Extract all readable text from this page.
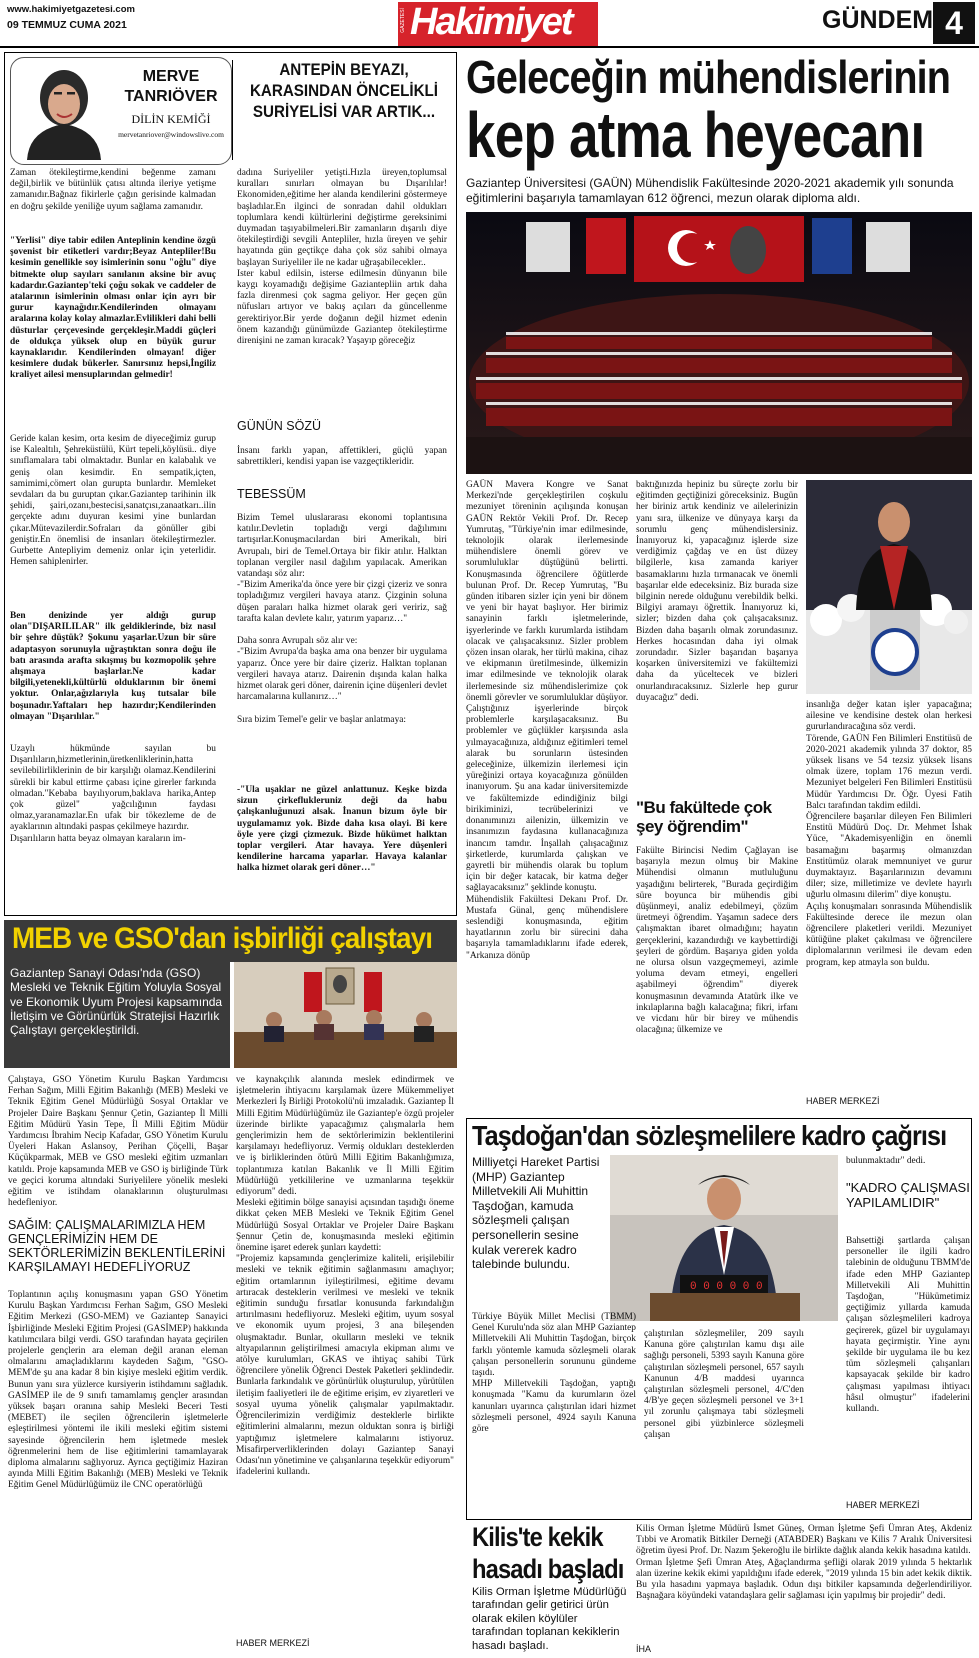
www.hakimiyetgazetesi.com
09 TEMMUZ CUMA 2021	GAZETESİ Hakimiyet	GÜNDEM 4
MERVE
TANRIÖVER
DİLİN KEMİĞİ
mervetanriover@windowslive.com
ANTEPİN BEYAZI, KARASINDAN ÖNCELİKLİ SURİYELİSİ VAR ARTIK...
Zaman ötekileştirme,kendini beğenme zamanı değil,birlik ve bütünlük çatısı altında ileriye yetişme zamanıdır.Bağnaz fikirlerle çağın gerisinde kalmadan en doğru şekilde yeniliğe uyum sağlama zamanıdır.
"Yerlisi" diye tabir edilen Anteplinin kendine özgü şovenist bir etiketleri vardır;Beyaz Antepliler!Bu kesimin genellikle soy isimlerinin sonu "oğlu" diye bitmekte olup sayıları sanılanın aksine bir avuç kadardır.Gaziantep'teki çoğu sokak ve caddeler de atalarının isimlerinin olması onlar için ayrı bir gurur kaynağıdır.Kendilerinden olmayanı aralarına kolay kolay almazlar.Evlilikleri dahi belli düsturlar çerçevesinde gerçekleşir.Maddi güçleri de oldukça yüksek olup en büyük gurur kaynaklarıdır. Kendilerinden olmayan! diğer kesimlere dudak bükerler. Sanırsınız hepsi,İngiliz kraliyet ailesi mensuplarından gelmedir!
Geride kalan kesim, orta kesim de diyeceğimiz gurup ise Kalealtılı, Şehreküstülü, Kürt tepeli,köylüsü.. diye sınıflamalara tabi olmaktadır. Bunlar en kalabalık ve geniş olan kesimdir. En sempatik,içten, samimimi,cömert olan gurupta bunlardır. Memleket sevdaları da bu guruptan çıkar.Gaziantep tarihinin ilk şehidi, şairi,ozanı,bestecisi,sanatçısı,zanaatkarı..ilin gerçekte adını duyuran kesimi yine bunlardan çıkar.Mütevazilerdir.Sofraları da gönüller gibi geniştir.En önemlisi de insanları ötekileştirmezler. Gurbette Antepliyim demeniz onlar için yeterlidir. Hemen sahiplenirler.
Ben denizinde yer aldığı gurup olan"DIŞARILILAR" ilk geldiklerinde, biz nasıl bir şehre düştük? Şokunu yaşarlar.Uzun bir süre adaptasyon sorunuyla uğraştıktan sonra doğu ile batı arasında arafta sıkışmış bu kozmopolik şehre alışmaya başlarlar.Ne kadar bilgili,yetenekli,kültürlü olduklarının bir önemi yoktur. Onlar,ağızlarıyla kuş tutsalar bile boşunadır.Yaftaları hep hazırdır;Kendilerinden olmayan "Dışarılılar."
Uzaylı hükmünde sayılan bu Dışarılıların,hizmetlerinin,üretkenliklerinin,hatta sevilebilirliklerinin de bir karşılığı olamaz.Kendilerini sürekli bir kabul ettirme çabası içine girerler farkında olmadan."Kebaba bayılıyorum,baklava harika,Antep çok güzel" yağcılığının faydası olmaz,yaranamazlar.En ufak bir tökezleme de de ayaklarının altındaki paspas çekilmeye hazırdır.
Dışarılıların hatta beyaz olmayan karaların im-
dadına Suriyeliler yetişti.Hızla üreyen,toplumsal kuralları sınırları olmayan bu Dışarılılar! Ekonomiden,eğitime her alanda kendilerini göstermeye başladılar.En ilginci de sonradan dahil oldukları toplumlara kendi kültürlerini değiştirme gereksinimi duymadan taşıyabilmeleri.Bir zamanların dışarılı diye ötekileştirdiği sevgili Antepliler, hızla üreyen ve şehir hayatında gün geçtikçe daha çok söz sahibi olmaya başlayan Suriyeliler ile ne kadar uğraşabilecekler..
Ister kabul edilsin, isterse edilmesin dünyanın bile kaygı koyamadığı değişime Gaziantepliin artık daha fazla direnmesi çok sagma geliyor. Her geçen gün nüfusları artıyor ve bakış açıları da güncellenme gerektiriyor.Bir yerde doğanın değil hizmet edenin önem kazandığı günümüzde Gaziantep ötekileştirme direnişini ne zaman kıracak? Yaşayıp göreceğiz
GÜNÜN SÖZÜ
İnsanı farklı yapan, affettikleri, güçlü yapan sabrettikleri, kendisi yapan ise vazgeçtikleridir.
TEBESSÜM
Bizim Temel uluslararası ekonomi toplantısına katılır.Devletin topladığı vergi dağılımını tartışırlar.Konuşmacılardan biri Amerikalı, biri Avrupalı, biri de Temel.Ortaya bir fikir atılır. Halktan toplanan vergiler nasıl dağılım yapılacak. Amerikan vatandaşı söz alır:
-"Bizim Amerika'da önce yere bir çizgi çizeriz ve sonra topladığımız vergileri havaya atarız. Çizginin soluna düşen paraları halka hizmet olarak geri veririz, sağ tarafta kalan devlete kalır, yatırım yaparız…"

Daha sonra Avrupalı söz alır ve:
-"Bizim Avrupa'da başka ama ona benzer bir uygulama yaparız. Önce yere bir daire çizeriz. Halktan toplanan vergileri havaya atarız. Dairenin dışında kalan halka hizmet olarak geri döner, dairenin içine düşenleri devlet harcamalarına kullanırız…"

Sıra bizim Temel'e gelir ve başlar anlatmaya:
-"Ula uşaklar ne güzel anlattunuz. Keşke bizda sizun çirkeflukleruniz deği da habu çalışkanluğunuzi alsak. İnanun bizum öyle bir uygulamamız yok. Bizde daha kısa olayi. Bi kere öyle yere çizgi çizmezuk. Bizde hükümet halktan toplar vergileri. Atar havaya. Yere düşenleri kendilerine harcama yaparlar. Havaya kalanlar halka hizmet olarak geri döner…"
Geleceğin mühendislerinin
kep atma heyecanı
Gaziantep Üniversitesi (GAÜN) Mühendislik Fakültesinde 2020-2021 akademik yılı sonunda eğitimlerini başarıyla tamamlayan 612 öğrenci, mezun olarak diploma aldı.
GAÜN Mavera Kongre ve Sanat Merkezi'nde gerçekleştirilen coşkulu mezuniyet töreninin açılışında konuşan GAÜN Rektör Vekili Prof. Dr. Recep Yumrutaş, "Türkiye'nin imar edilmesinde, teknolojik olarak ilerlemesinde mühendislere önemli görev ve sorumluluklar düştüğünü belirtti. Konuşmasında öğrencilere öğütlerde bulunan Prof. Dr. Recep Yumrutaş, "Bu günden itibaren sizler için yeni bir dönem ve yeni bir hayat başlıyor. Her birimiz sanayinin farklı işletmelerinde, işyerlerinde ve farklı kurumlarda istihdam olacak ve çalışacaksınız. Sizler problem çözen insan olarak, her türlü makina, cihaz ve ekipmanın üretilmesinde, ülkemizin imar edilmesinde ve teknolojik olarak ilerlemesinde siz mühendislerimize çok önemli görevler ve sorumluluklar düşüyor. Çalıştığınız işyerlerinde birçok problemlerle karşılaşacaksınız. Bu problemler ve güçlükler karşısında asla yılmayacağınıza, aldığınız eğitimleri temel alarak bu sorunların üstesinden geleceğinize, ülkemizin ilerlemesi için yüreğinizi ortaya koyacağınıza gönülden inanıyorum. Şu ana kadar üniversitemizde ve fakültemizde edindiğiniz bilgi birikiminizi, tecrübelerinizi ve donanımınızı ailenizin, ülkemizin ve insanımızın faydasına kullanacağınıza inancım tamdır. İnşallah çalışacağınız şirketlerde, kurumlarda çalışkan ve gayretli bir mühendis olarak bu toplum için bir değer katacak, bir katma değer sağlayacaksınız" şeklinde konuştu.
Mühendislik Fakültesi Dekanı Prof. Dr. Mustafa Günal, genç mühendislere seslendiği konuşmasında, eğitim hayatlarının zorlu bir sürecini daha başarıyla tamamladıklarını ifade ederek, "Arkanıza dönüp
baktığınızda hepiniz bu süreçte zorlu bir eğitimden geçtiğinizi göreceksiniz. Bugün her biriniz artık kendiniz ve ailelerinizin yanı sıra, ülkenize ve dünyaya karşı da sorumlu genç mühendislersiniz. İnanıyoruz ki, yapacağınız işlerde size verdiğimiz çağdaş ve en üst düzey bilgilerle, kısa zamanda kariyer basamaklarını hızla tırmanacak ve önemli başarılar elde edeceksiniz. Biz burada size bilginin nerede olduğunu verebildik belki. Bilgiyi aramayı öğrettik. İnanıyoruz ki, sizler; bizden daha çok çalışacaksınız. Bizden daha başarılı olmak zorundasınız. Herkes hocasından daha iyi olmak zorundadır. Sizler başarıdan başarıya koşarken üniversitemizi ve fakültemizi daha da yüceltecek ve bizleri onurlandıracaksınız. Sizlerle hep gurur duyacağız" dedi.
"Bu fakültede çok şey öğrendim"
Fakülte Birincisi Nedim Çağlayan ise başarıyla mezun olmuş bir Makine Mühendisi olmanın mutluluğunu yaşadığını belirterek, "Burada geçirdiğim süre boyunca bir mühendis gibi düşünmeyi, analiz edebilmeyi, çözüm üretmeyi öğrendim. Yaşamın sadece ders çalışmaktan ibaret olmadığını; hayatın gerçeklerini, kazandırdığı ve kaybettirdiği şeyleri de gördüm. Başarıya giden yolda ne olursa olsun vazgeçmemeyi, azimle yoluma devam etmeyi, engelleri aşabilmeyi öğrendim" diyerek konuşmasının devamında Atatürk ilke ve inkılaplarına bağlı kalacağına; fikri, irfanı ve vicdanı hür bir birey ve mühendis olacağına; ülkemize ve
insanlığa değer katan işler yapacağına; ailesine ve kendisine destek olan herkesi gururlandıracağına söz verdi.
Törende, GAÜN Fen Bilimleri Enstitüsü de 2020-2021 akademik yılında 37 doktor, 85 yüksek lisans ve 54 tezsiz yüksek lisans olmak üzere, toplam 176 mezun verdi. Mezuniyet belgeleri Fen Bilimleri Enstitüsü Müdür Yardımcısı Dr. Öğr. Üyesi Fatih Balcı tarafından takdim edildi.
Öğrencilere başarılar dileyen Fen Bilimleri Enstitü Müdürü Doç. Dr. Mehmet İshak Yüce, "Akademisyenliğin en önemli basamağını başarmış olmanızdan Enstitümüz olarak memnuniyet ve gurur duymaktayız. Başarılarınızın devamını diler; size, milletimize ve devlete hayırlı uğurlu olmasını dilerim" diye konuştu.
Açılış konuşmaları sonrasında Mühendislik Fakültesinde derece ile mezun olan öğrencilere plaketleri verildi. Mezuniyet kütüğüne plaket çakılması ve öğrencilere diplomalarının verilmesi ile devam eden program, kep atmayla son buldu.
HABER MERKEZİ
MEB ve GSO'dan işbirliği çalıştayı
Gaziantep Sanayi Odası'nda (GSO) Mesleki ve Teknik Eğitim Yoluyla Sosyal ve Ekonomik Uyum Projesi kapsamında İletişim ve Görünürlük Stratejisi Hazırlık Çalıştayı gerçekleştirildi.
Çalıştaya, GSO Yönetim Kurulu Başkan Yardımcısı Ferhan Sağım, Milli Eğitim Bakanlığı (MEB) Mesleki ve Teknik Eğitim Genel Müdürlüğü Sosyal Ortaklar ve Projeler Daire Başkanı Şennur Çetin, Gaziantep İl Milli Eğitim Müdürü Yasin Tepe, İl Milli Eğitim Müdür Yardımcısı İbrahim Necip Kafadar, GSO Yönetim Kurulu Üyeleri Hakan Aslansoy, Perihan Çöçelli, Başar Küçükparmak, MEB ve GSO mesleki eğitim uzmanları katıldı. Proje kapsamında MEB ve GSO iş birliğinde Türk ve geçici koruma altındaki Suriyelilere yönelik mesleki eğitim ve istihdam olanaklarının oluşturulması hedefleniyor.
SAĞIM: ÇALIŞMALARIMIZLA HEM GENÇLERİMİZİN HEM DE SEKTÖRLERİMİZİN BEKLENTİLERİNİ KARŞILAMAYI HEDEFLİYORUZ
Toplantının açılış konuşmasını yapan GSO Yönetim Kurulu Başkan Yardımcısı Ferhan Sağım, GSO Mesleki Eğitim Merkezi (GSO-MEM) ve Gaziantep Sanayici İşbirliğinde Mesleki Eğitim Projesi (GASİMEP) hakkında katılımcılara bilgi verdi. GSO tarafından hayata geçirilen projelerle gençlerin ara eleman değil aranan eleman olmalarını amaçladıklarını kaydeden Sağım, "GSO-MEM'de şu ana kadar 8 bin kişiye mesleki eğitim verdik. Bunun yanı sıra yüzlerce kursiyerin istihdamını sağladık. GASİMEP ile de 9 sınıfı tamamlamış gençler arasından yüksek başarı oranına sahip Mesleki Beceri Testi (MEBET) ile seçilen öğrencilerin işletmelerle eşleştirilmesi yöntemi ile ikili mesleki eğitim sistemi sayesinde öğrencilerin hem işletmede meslek öğrenmelerini hem de lise eğitimlerini tamamlayarak diploma almalarını sağlıyoruz. Ayrıca geçtiğimiz Haziran ayında Milli Eğitim Bakanlığı (MEB) Mesleki ve Teknik Eğitim Genel Müdürlüğümüz ile CNC operatörlüğü
ve kaynakçılık alanında meslek edindirmek ve işletmelerin ihtiyacını karşılamak üzere Mükemmeliyet Merkezleri İş Birliği Protokolü'nü imzaladık. Gaziantep İl Milli Eğitim Müdürlüğümüz ile Gaziantep'e özgü projeler üzerinde birlikte yapacağımız çalışmalarla hem gençlerimizin hem de sektörlerimizin beklentilerini karşılamayı hedefliyoruz. Vermiş oldukları desteklerden ve iş birliklerinden ötürü Milli Eğitim Bakanlığımıza, toplantımıza katılan Bakanlık ve İl Milli Eğitim Müdürlüğü yetkililerine ve uzmanlarına teşekkür ediyorum" dedi.
Mesleki eğitimin bölge sanayisi açısından taşıdığı öneme dikkat çeken MEB Mesleki ve Teknik Eğitim Genel Müdürlüğü Sosyal Ortaklar ve Projeler Daire Başkanı Şennur Çetin de, konuşmasında mesleki eğitimin önemine işaret ederek şunları kaydetti:
"Projemiz kapsamında gençlerimize kaliteli, erişilebilir mesleki ve teknik eğitimin sağlanmasını amaçlıyor; eğitim ortamlarının iyileştirilmesi, eğitime devamı artıracak desteklerin verilmesi ve mesleki ve teknik eğitimin sunduğu fırsatlar konusunda farkındalığın artırılmasını hedefliyoruz. Mesleki eğitim, uyum sosyal ve ekonomik uyum projesi, 3 ana bileşenden oluşmaktadır. Bunlar, okulların mesleki ve teknik altyapılarının geliştirilmesi amacıyla ekipman alımı ve atölye kurulumları, GKAS ve ihtiyaç sahibi Türk öğrencilere yönelik Öğrenci Destek Paketleri şeklindedir. Bunlarla farkındalık ve görünürlük oluşturulup, yürütülen iletişim faaliyetleri ile de eğitime erişim, ev ziyaretleri ve sosyal uyuma yönelik çalışmalar yapılmaktadır. Öğrencilerimizin verdiğimiz desteklerle birlikte eğitimlerini almalarını, mezun olduktan sonra iş birliği yaptığımız işletmelere kalmalarını istiyoruz. Misafirperverliklerinden dolayı Gaziantep Sanayi Odası'nın yönetimine ve çalışanlarına teşekkür ediyorum" ifadelerini kullandı.
HABER MERKEZİ
Taşdoğan'dan sözleşmelilere kadro çağrısı
Milliyetçi Hareket Partisi (MHP) Gaziantep Milletvekili Ali Muhittin Taşdoğan, kamuda sözleşmeli çalışan personellerin sesine kulak vererek kadro talebinde bulundu.
0 0 0 0 0 0
Türkiye Büyük Millet Meclisi (TBMM) Genel Kurulu'nda söz alan MHP Gaziantep Milletvekili Ali Muhittin Taşdoğan, birçok farklı yöntemle kamuda sözleşmeli olarak çalışan personellerin sorununu gündeme taşıdı.
MHP Milletvekili Taşdoğan, yaptığı konuşmada "Kamu da kurumların özel kanunları uyarınca çalıştırılan idari hizmet sözleşmeli personel, 4924 sayılı Kanuna göre
çalıştırılan sözleşmeliler, 209 sayılı Kanuna göre çalıştırılan kamu dışı aile sağlığı personeli, 5393 sayılı Kanuna göre çalıştırılan sözleşmeli personel, 657 sayılı Kanunun 4/B maddesi uyarınca çalıştırılan sözleşmeli personel, 4/C'den 4/B'ye geçen sözleşmeli personel ve 3+1 yıl zorunlu çalışmaya tabi sözleşmeli personel gibi yüzbinlerce sözleşmeli çalışan
bulunmaktadır" dedi.
"KADRO ÇALIŞMASI YAPILAMLIDIR"
Bahsettiği şartlarda çalışan personeller ile ilgili kadro talebinin de olduğunu TBMM'de ifade eden MHP Gaziantep Milletvekili Ali Muhittin Taşdoğan, "Hükümetimiz geçtiğimiz yıllarda kamuda çalışan sözleşmelileri kadroya geçirerek, güzel bir uygulamayı hayata geçirmiştir. Yine aynı şekilde bir uygulama ile bu kez tüm sözleşmeli çalışanları kapsayacak şekilde bir kadro çalışması yapılması ihtiyacı hâsıl olmuştur" ifadelerini kullandı.
HABER MERKEZİ
Kilis'te kekik
hasadı başladı
Kilis Orman İşletme Müdürlüğü tarafından gelir getirici ürün olarak ekilen köylüler tarafından toplanan kekiklerin hasadı başladı.
Kilis Orman İşletme Müdürü İsmet Güneş, Orman İşletme Şefi Ümran Ateş, Akdeniz Tıbbi ve Aromatik Bitkiler Derneği (ATABDER) Başkanı ve Kilis 7 Aralık Üniversitesi öğretim üyesi Prof. Dr. Nazım Şekeroğlu ile birlikte dağlık alanda kekik hasadına katıldı.
Orman İşletme Şefi Ümran Ateş, Ağaçlandırma şefliği olarak 2019 yılında 5 hektarlık alan üzerine kekik ekimi yapıldığını ifade ederek, "2019 yılında 15 bin adet kekik diktik. Bu yıla hasadını yapmaya başladık. Odun dışı bitkiler kapsamında değerlendiriliyor. Başnağara köyündeki vatandaşlara gelir sağlaması için yapılmış bir projedir" dedi.
İHA
